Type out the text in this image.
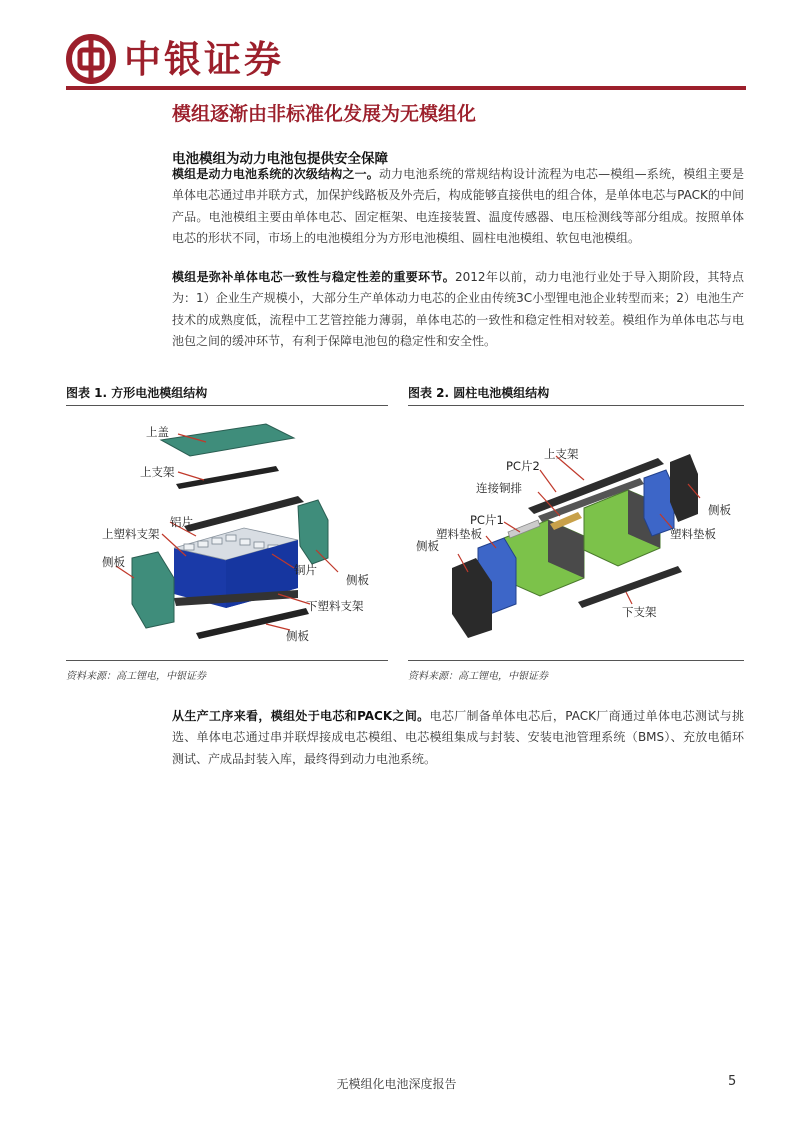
中银证券
模组逐渐由非标准化发展为无模组化
电池模组为动力电池包提供安全保障
模组是动力电池系统的次级结构之一。动力电池系统的常规结构设计流程为电芯—模组—系统，模组主要是单体电芯通过串并联方式，加保护线路板及外壳后，构成能够直接供电的组合体，是单体电芯与PACK的中间产品。电池模组主要由单体电芯、固定框架、电连接装置、温度传感器、电压检测线等部分组成。按照单体电芯的形状不同，市场上的电池模组分为方形电池模组、圆柱电池模组、软包电池模组。
模组是弥补单体电芯一致性与稳定性差的重要环节。2012年以前，动力电池行业处于导入期阶段，其特点为：1）企业生产规模小，大部分生产单体动力电芯的企业由传统3C小型锂电池企业转型而来；2）电池生产技术的成熟度低，流程中工艺管控能力薄弱，单体电芯的一致性和稳定性相对较差。模组作为单体电芯与电池包之间的缓冲环节，有利于保障电池包的稳定性和安全性。
图表 1. 方形电池模组结构
上盖
上支架
铝片
上塑料支架
侧板
铜片
侧板
下塑料支架
侧板
资料来源：高工锂电，中银证券
图表 2. 圆柱电池模组结构
上支架
PC片2
连接铜排
PC片1
塑料垫板
侧板
侧板
塑料垫板
下支架
资料来源：高工锂电，中银证券
从生产工序来看，模组处于电芯和PACK之间。电芯厂制备单体电芯后，PACK厂商通过单体电芯测试与挑选、单体电芯通过串并联焊接成电芯模组、电芯模组集成与封装、安装电池管理系统（BMS）、充放电循环测试、产成品封装入库，最终得到动力电池系统。
无模组化电池深度报告	5
